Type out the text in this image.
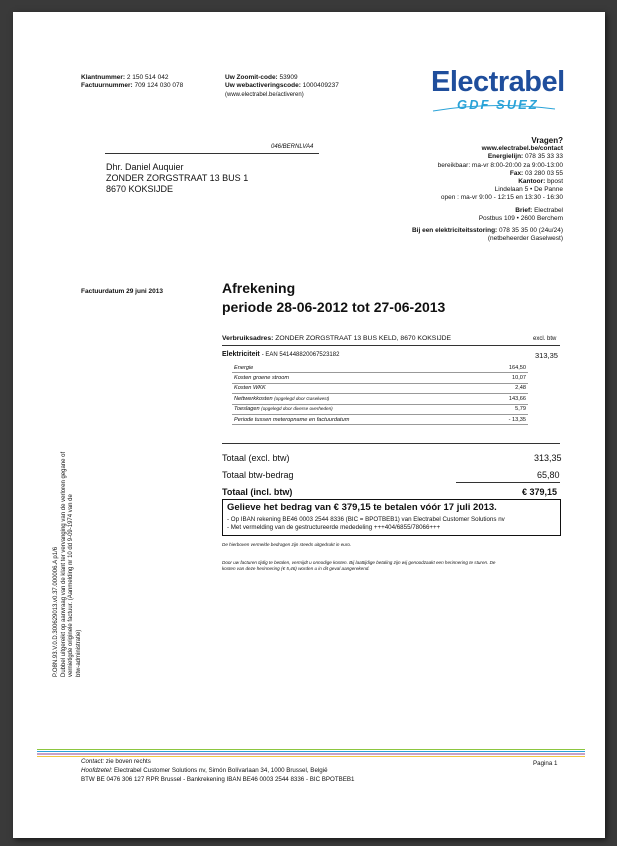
Klantnummer: 2 150 514 042
Factuurnummer: 709 124 030 078
Uw Zoomit-code: 53909
Uw webactiveringscode: 1000409237
(www.electrabel.be/activeren)	Electrabel
GDF SUEZ
Vragen?
www.electrabel.be/contact
Energielijn: 078 35 33 33
bereikbaar: ma-vr 8:00-20:00 za 9:00-13:00
Fax: 03 280 03 55
Kantoor: bpost
Lindelaan 5 • De Panne
open : ma-vr 9:00 - 12:15 en 13:30 - 16:30
Brief: Electrabel
Postbus 109 • 2600 Berchem
Bij een elektriciteitsstoring: 078 35 35 00 (24u/24)
(netbeheerder Gaselwest)
046/BERNLVA4
Dhr. Daniel Auquier
ZONDER ZORGSTRAAT 13 BUS 1
8670 KOKSIJDE
Factuurdatum 29 juni 2013	Afrekening
periode 28-06-2012 tot 27-06-2013
Verbruiksadres: ZONDER ZORGSTRAAT 13 BUS KELD, 8670 KOKSIJDE	excl. btw
Elektriciteit - EAN 541448820067523182	313,35
Energie	164,50
Kosten groene stroom	10,07
Kosten WKK	2,48
Nettwerkkosten (opgelegd door Gaselwest)	143,66
Toeslagen (opgelegd door diverse overheden)	5,79
Periode tussen meteropname en factuurdatum	- 13,35
Totaal (excl. btw)	313,35
Totaal btw-bedrag	65,80
Totaal (incl. btw)	€ 379,15
Gelieve het bedrag van € 379,15 te betalen vóór 17 juli 2013.
- Op IBAN rekening BE46 0003 2544 8336 (BIC = BPOTBEB1) van Electrabel Customer Solutions nv
- Met vermelding van de gestructureerde mededeling +++404/6855/78066+++
De hierboven vermelde bedragen zijn steeds uitgedrukt in euro.
Door uw facturen tijdig te betalen, vermijdt u onnodige kosten. Bij laattijdige betaling zijn wij genoodzaakt een herinnering te sturen. De
kosten van deze herinnering (€ 5,46) worden u in dit geval aangerekend.
P.O8N.93.V.0.D.300629013.v0.37.000006.A p1/6 Dubbel uitgereikt op aanvraag van de klant ter vervanging van de verloren gegane of vernietigde originele factuur. (Aanmelding nr 10 dd 9-09-1974 van de btw-administratie)
Contact: zie boven rechts
Hoofdzetel: Electrabel Customer Solutions nv, Simón Bolívarlaan 34, 1000 Brussel, België
BTW BE 0476 306 127 RPR Brussel - Bankrekening IBAN BE46 0003 2544 8336 - BIC BPOTBEB1
Pagina 1
